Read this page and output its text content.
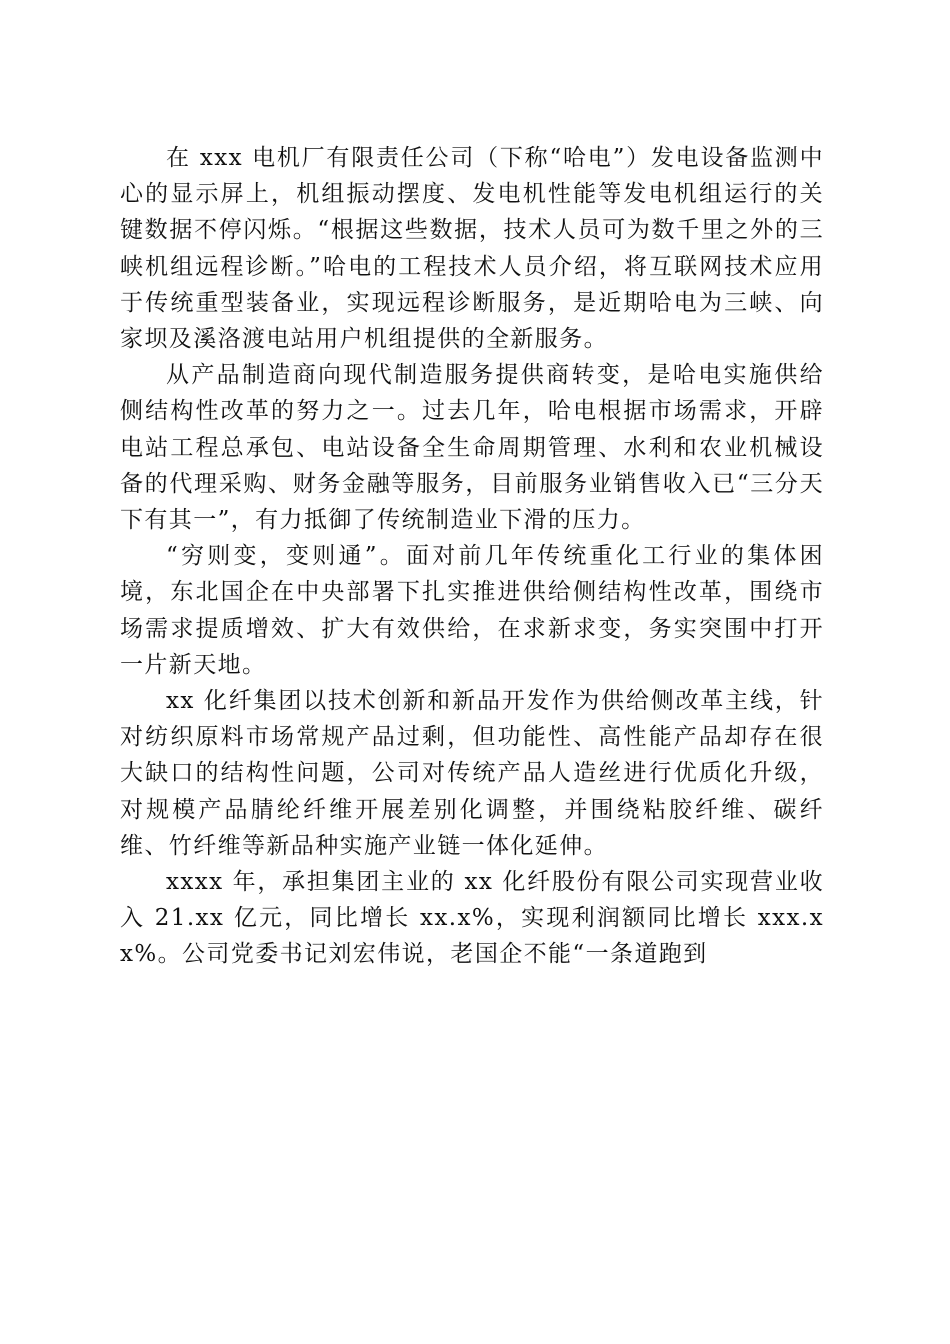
在 xxx 电机厂有限责任公司（下称“哈电”）发电设备监测中心的显示屏上，机组振动摆度、发电机性能等发电机组运行的关键数据不停闪烁。“根据这些数据，技术人员可为数千里之外的三峡机组远程诊断。”哈电的工程技术人员介绍，将互联网技术应用于传统重型装备业，实现远程诊断服务，是近期哈电为三峡、向家坝及溪洛渡电站用户机组提供的全新服务。

从产品制造商向现代制造服务提供商转变，是哈电实施供给侧结构性改革的努力之一。过去几年，哈电根据市场需求，开辟电站工程总承包、电站设备全生命周期管理、水利和农业机械设备的代理采购、财务金融等服务，目前服务业销售收入已“三分天下有其一”，有力抵御了传统制造业下滑的压力。

“穷则变，变则通”。面对前几年传统重化工行业的集体困境，东北国企在中央部署下扎实推进供给侧结构性改革，围绕市场需求提质增效、扩大有效供给，在求新求变，务实突围中打开一片新天地。

xx 化纤集团以技术创新和新品开发作为供给侧改革主线，针对纺织原料市场常规产品过剩，但功能性、高性能产品却存在很大缺口的结构性问题，公司对传统产品人造丝进行优质化升级，对规模产品腈纶纤维开展差别化调整，并围绕粘胶纤维、碳纤维、竹纤维等新品种实施产业链一体化延伸。

xxxx 年，承担集团主业的 xx 化纤股份有限公司实现营业收入 21.xx 亿元，同比增长 xx.x%，实现利润额同比增长 xxx.xx%。公司党委书记刘宏伟说，老国企不能“一条道跑到
